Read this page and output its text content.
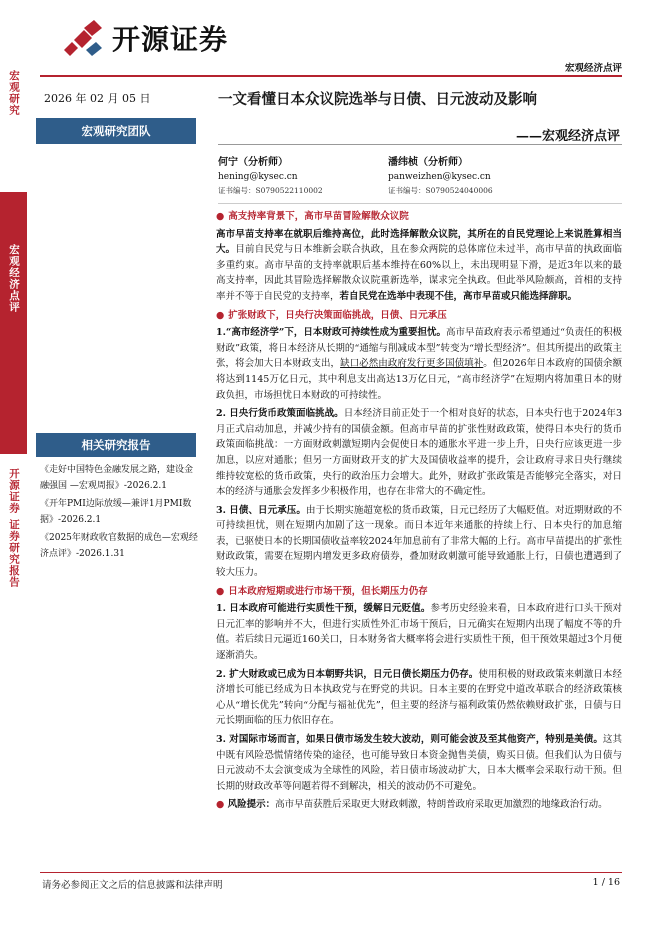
开源证券
宏观经济点评
宏观研究
宏观经济点评
开源证券 证券研究报告
2026 年 02 月 05 日
宏观研究团队
相关研究报告
《走好中国特色金融发展之路，建设金融强国 —宏观周报》-2026.2.1
《开年PMI边际放缓—兼评1月PMI数据》-2026.2.1
《2025年财政收官数据的成色—宏观经济点评》-2026.1.31
一文看懂日本众议院选举与日债、日元波动及影响
——宏观经济点评
何宁（分析师）
hening@kysec.cn
证书编号：S0790522110002
潘纬桢（分析师）
panweizhen@kysec.cn
证书编号：S0790524040006
● 高支持率背景下，高市早苗冒险解散众议院

高市早苗支持率在就职后维持高位，此时选择解散众议院，其所在的自民党理论上来说胜算相当大。目前自民党与日本维新会联合执政，且在参众两院的总体席位未过半，高市早苗的执政面临多重约束。高市早苗的支持率就职后基本维持在60%以上，未出现明显下滑，是近3年以来的最高支持率，因此其冒险选择解散众议院重新选举，谋求完全执政。但此举风险颇高，首相的支持率并不等于自民党的支持率，若自民党在选举中表现不佳，高市早苗或只能选择辞职。

● 扩张财政下，日央行决策面临挑战，日债、日元承压

1.“高市经济学”下，日本财政可持续性成为重要担忧。高市早苗政府表示希望通过“负责任的积极财政”政策，将日本经济从长期的“通缩与削减成本型”转变为“增长型经济”。但其所提出的政策主张，将会加大日本财政支出，缺口必然由政府发行更多国债填补。但2026年日本政府的国债余额将达到1145万亿日元，其中利息支出高达13万亿日元，“高市经济学”在短期内将加重日本的财政负担，市场担忧日本财政的可持续性。

2. 日央行货币政策面临挑战。日本经济目前正处于一个相对良好的状态，日本央行也于2024年3月正式启动加息，并减少持有的国债金额。但高市早苗的扩张性财政政策，使得日本央行的货币政策面临挑战：一方面财政刺激短期内会促使日本的通胀水平进一步上升，日央行应该更进一步加息，以应对通胀；但另一方面财政开支的扩大及国债收益率的提升，会让政府寻求日央行继续维持较宽松的货币政策，央行的政治压力会增大。此外，财政扩张政策是否能够完全落实，对日本的经济与通胀会发挥多少积极作用，也存在非常大的不确定性。

3. 日债、日元承压。由于长期实施超宽松的货币政策，日元已经历了大幅贬值。对近期财政的不可持续担忧，则在短期内加剧了这一现象。而日本近年来通胀的持续上行、日本央行的加息缩表，已驱使日本的长期国债收益率较2024年加息前有了非常大幅的上行。高市早苗提出的扩张性财政政策，需要在短期内增发更多政府债券，叠加财政刺激可能导致通胀上行，日债也遭遇到了较大压力。

● 日本政府短期或进行市场干预，但长期压力仍存

1. 日本政府可能进行实质性干预，缓解日元贬值。参考历史经验来看，日本政府进行口头干预对日元汇率的影响并不大，但进行实质性外汇市场干预后，日元确实在短期内出现了幅度不等的升值。若后续日元逼近160关口，日本财务省大概率将会进行实质性干预，但干预效果超过3个月便逐渐消失。

2. 扩大财政或已成为日本朝野共识，日元日债长期压力仍存。使用积极的财政政策来刺激日本经济增长可能已经成为日本执政党与在野党的共识。日本主要的在野党中道改革联合的经济政策核心从“增长优先”转向“分配与福祉优先”，但主要的经济与福利政策仍然依赖财政扩张，日债与日元长期面临的压力依旧存在。

3. 对国际市场而言，如果日债市场发生较大波动，则可能会波及至其他资产，特别是美债。这其中既有风险恐慌情绪传染的途径，也可能导致日本资金抛售美债，购买日债。但我们认为日债与日元波动不太会演变成为全球性的风险，若日债市场波动扩大，日本大概率会采取行动干预。但长期的财政改革等问题若得不到解决，相关的波动仍不可避免。

● 风险提示：高市早苗获胜后采取更大财政刺激，特朗普政府采取更加激烈的地缘政治行动。

请务必参阅正文之后的信息披露和法律声明	1 / 16
